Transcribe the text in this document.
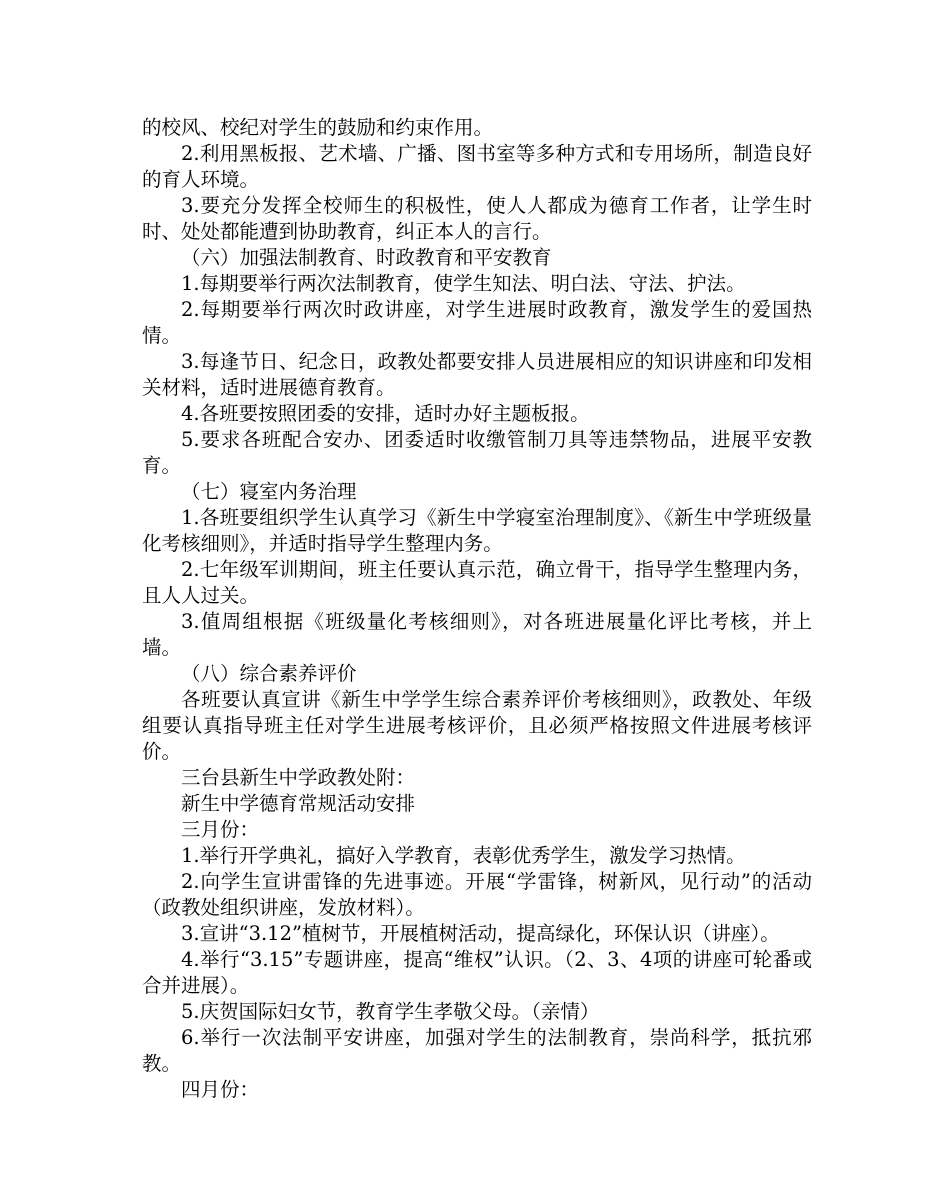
的校风、校纪对学生的鼓励和约束作用。

2.利用黑板报、艺术墙、广播、图书室等多种方式和专用场所，制造良好的育人环境。

3.要充分发挥全校师生的积极性，使人人都成为德育工作者，让学生时时、处处都能遭到协助教育，纠正本人的言行。

（六）加强法制教育、时政教育和平安教育

1.每期要举行两次法制教育，使学生知法、明白法、守法、护法。

2.每期要举行两次时政讲座，对学生进展时政教育，激发学生的爱国热情。

3.每逢节日、纪念日，政教处都要安排人员进展相应的知识讲座和印发相关材料，适时进展德育教育。

4.各班要按照团委的安排，适时办好主题板报。

5.要求各班配合安办、团委适时收缴管制刀具等违禁物品，进展平安教育。

（七）寝室内务治理

1.各班要组织学生认真学习《新生中学寝室治理制度》、《新生中学班级量化考核细则》，并适时指导学生整理内务。

2.七年级军训期间，班主任要认真示范，确立骨干，指导学生整理内务，且人人过关。

3.值周组根据《班级量化考核细则》，对各班进展量化评比考核，并上墙。

（八）综合素养评价

各班要认真宣讲《新生中学学生综合素养评价考核细则》，政教处、年级组要认真指导班主任对学生进展考核评价，且必须严格按照文件进展考核评价。

三台县新生中学政教处附：

新生中学德育常规活动安排

三月份：

1.举行开学典礼，搞好入学教育，表彰优秀学生，激发学习热情。

2.向学生宣讲雷锋的先进事迹。开展“学雷锋，树新风，见行动”的活动（政教处组织讲座，发放材料）。

3.宣讲“3.12”植树节，开展植树活动，提高绿化，环保认识（讲座）。

4.举行“3.15”专题讲座，提高“维权”认识。（2、3、4项的讲座可轮番或合并进展）。

5.庆贺国际妇女节，教育学生孝敬父母。（亲情）

6.举行一次法制平安讲座，加强对学生的法制教育，崇尚科学，抵抗邪教。

四月份：
